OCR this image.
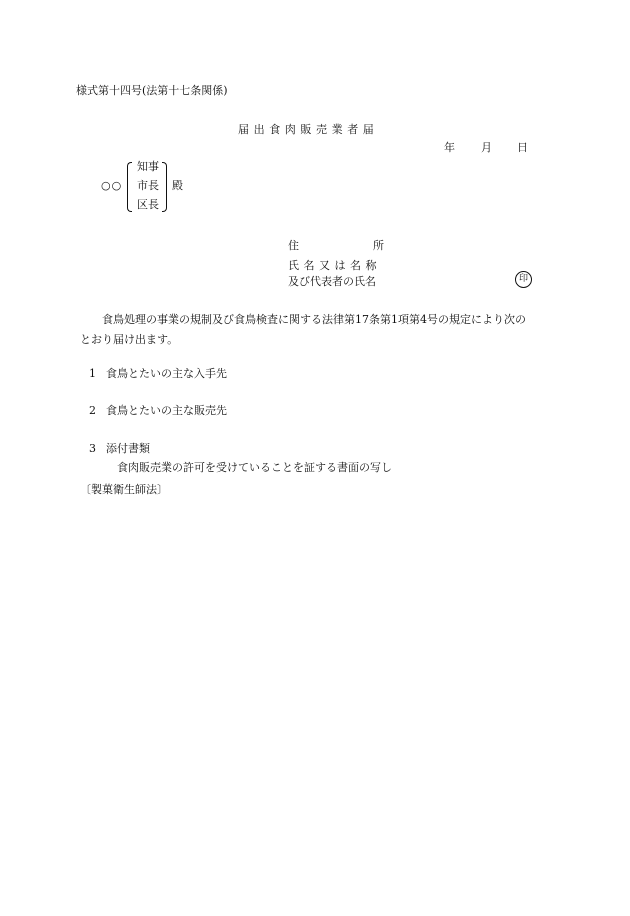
様式第十四号(法第十七条関係)
届出食肉販売業者届
年 月 日
○○
知事
市長
区長
殿
住	所
氏名又は名称
及び代表者の氏名	印
食鳥処理の事業の規制及び食鳥検査に関する法律第17条第1項第4号の規定により次の
とおり届け出ます。
1 食鳥とたいの主な入手先
2 食鳥とたいの主な販売先
3 添付書類
食肉販売業の許可を受けていることを証する書面の写し
〔製菓衛生師法〕
